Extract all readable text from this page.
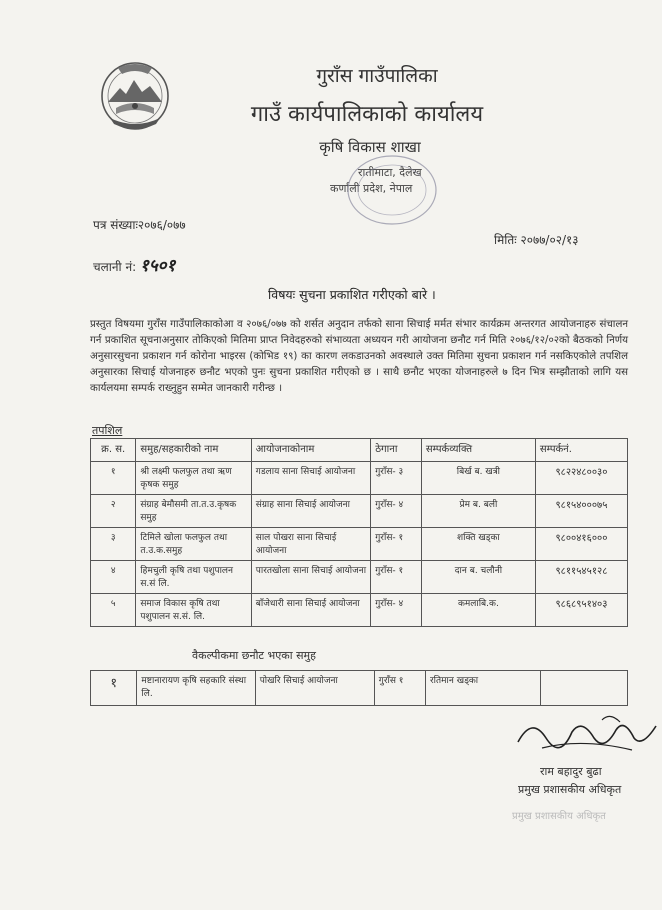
गुराँस गाउँपालिका
गाउँ कार्यपालिकाको कार्यालय
कृषि विकास शाखा
रातीमाटा, दैलेख
कर्णाली प्रदेश, नेपाल
पत्र संख्याः२०७६/०७७
मितिः २०७७/०२/१३
चलानी नं: १५०१
विषयः सुचना प्रकाशित गरीएको बारे ।
प्रस्तुत विषयमा गुराँस गाउँपालिकाकोआ व २०७६/०७७ को शर्सत अनुदान तर्फको साना सिचाई मर्मत संभार कार्यक्रम अन्तरगत आयोजनाहरु संचालन गर्न प्रकाशित सूचनाअनुसार तोकिएको मितिमा प्राप्त निवेदहरुको संभाव्यता अध्ययन गरी आयोजना छनौट गर्न मिति २०७६/१२/०२को बैठकको निर्णय अनुसारसुचना प्रकाशन गर्न कोरोना भाइरस (कोभिड १९) का कारण लकडाउनको अवस्थाले उक्त मितिमा सुचना प्रकाशन गर्न नसकिएकोले तपशिल अनुसारका सिचाई योजनाहरु छनौट भएको पुनः सुचना प्रकाशित गरीएको छ । साथै छनौट भएका योजनाहरुले ७ दिन भित्र सम्झौताको लागि यस कार्यलयमा सम्पर्क राख्नुहुन सम्मेत जानकारी गरीन्छ ।
तपशिल
क्र. स.	समुह/सहकारीको नाम	आयोजनाकोनाम	ठेगाना	सम्पर्कव्यक्ति	सम्पर्कनं.
१	श्री लक्ष्मी फलफुल तथा ऋण कृषक समुह	गडलाय साना सिचाई आयोजना	गुराँस- ३	बिर्ख ब. खत्री	९८२२४८००३०
२	संग्राह बेमौसमी ता.त.उ.कृषक समुह	संग्राह साना सिचाई आयोजना	गुराँस- ४	प्रेम ब. बली	९८१५४०००७५
३	टिमिले खोला फलफुल तथा त.उ.क.समुह	साल पोखरा साना सिचाई आयोजना	गुराँस- १	शक्ति खड्का	९८००४१६०००
४	हिमचुली कृषि तथा पशुपालन स.सं लि.	पारतखोला साना सिचाई आयोजना	गुराँस- १	दान ब. चलौनी	९८११५४५१२८
५	समाज विकास कृषि तथा पशुपालन स.सं. लि.	बाँजेधारी साना सिचाई आयोजना	गुराँस- ४	कमलाबि.क.	९८६८९५१४०३
वैकल्पीकमा छनौट भएका समुह
१	मष्टानारायण कृषि सहकारि संस्था लि.	पोखरि सिचाई आयोजना	गुराँस १	रतिमान खड्का	
राम बहादुर बुढा
प्रमुख प्रशासकीय अधिकृत
प्रमुख प्रशासकीय अधिकृत
